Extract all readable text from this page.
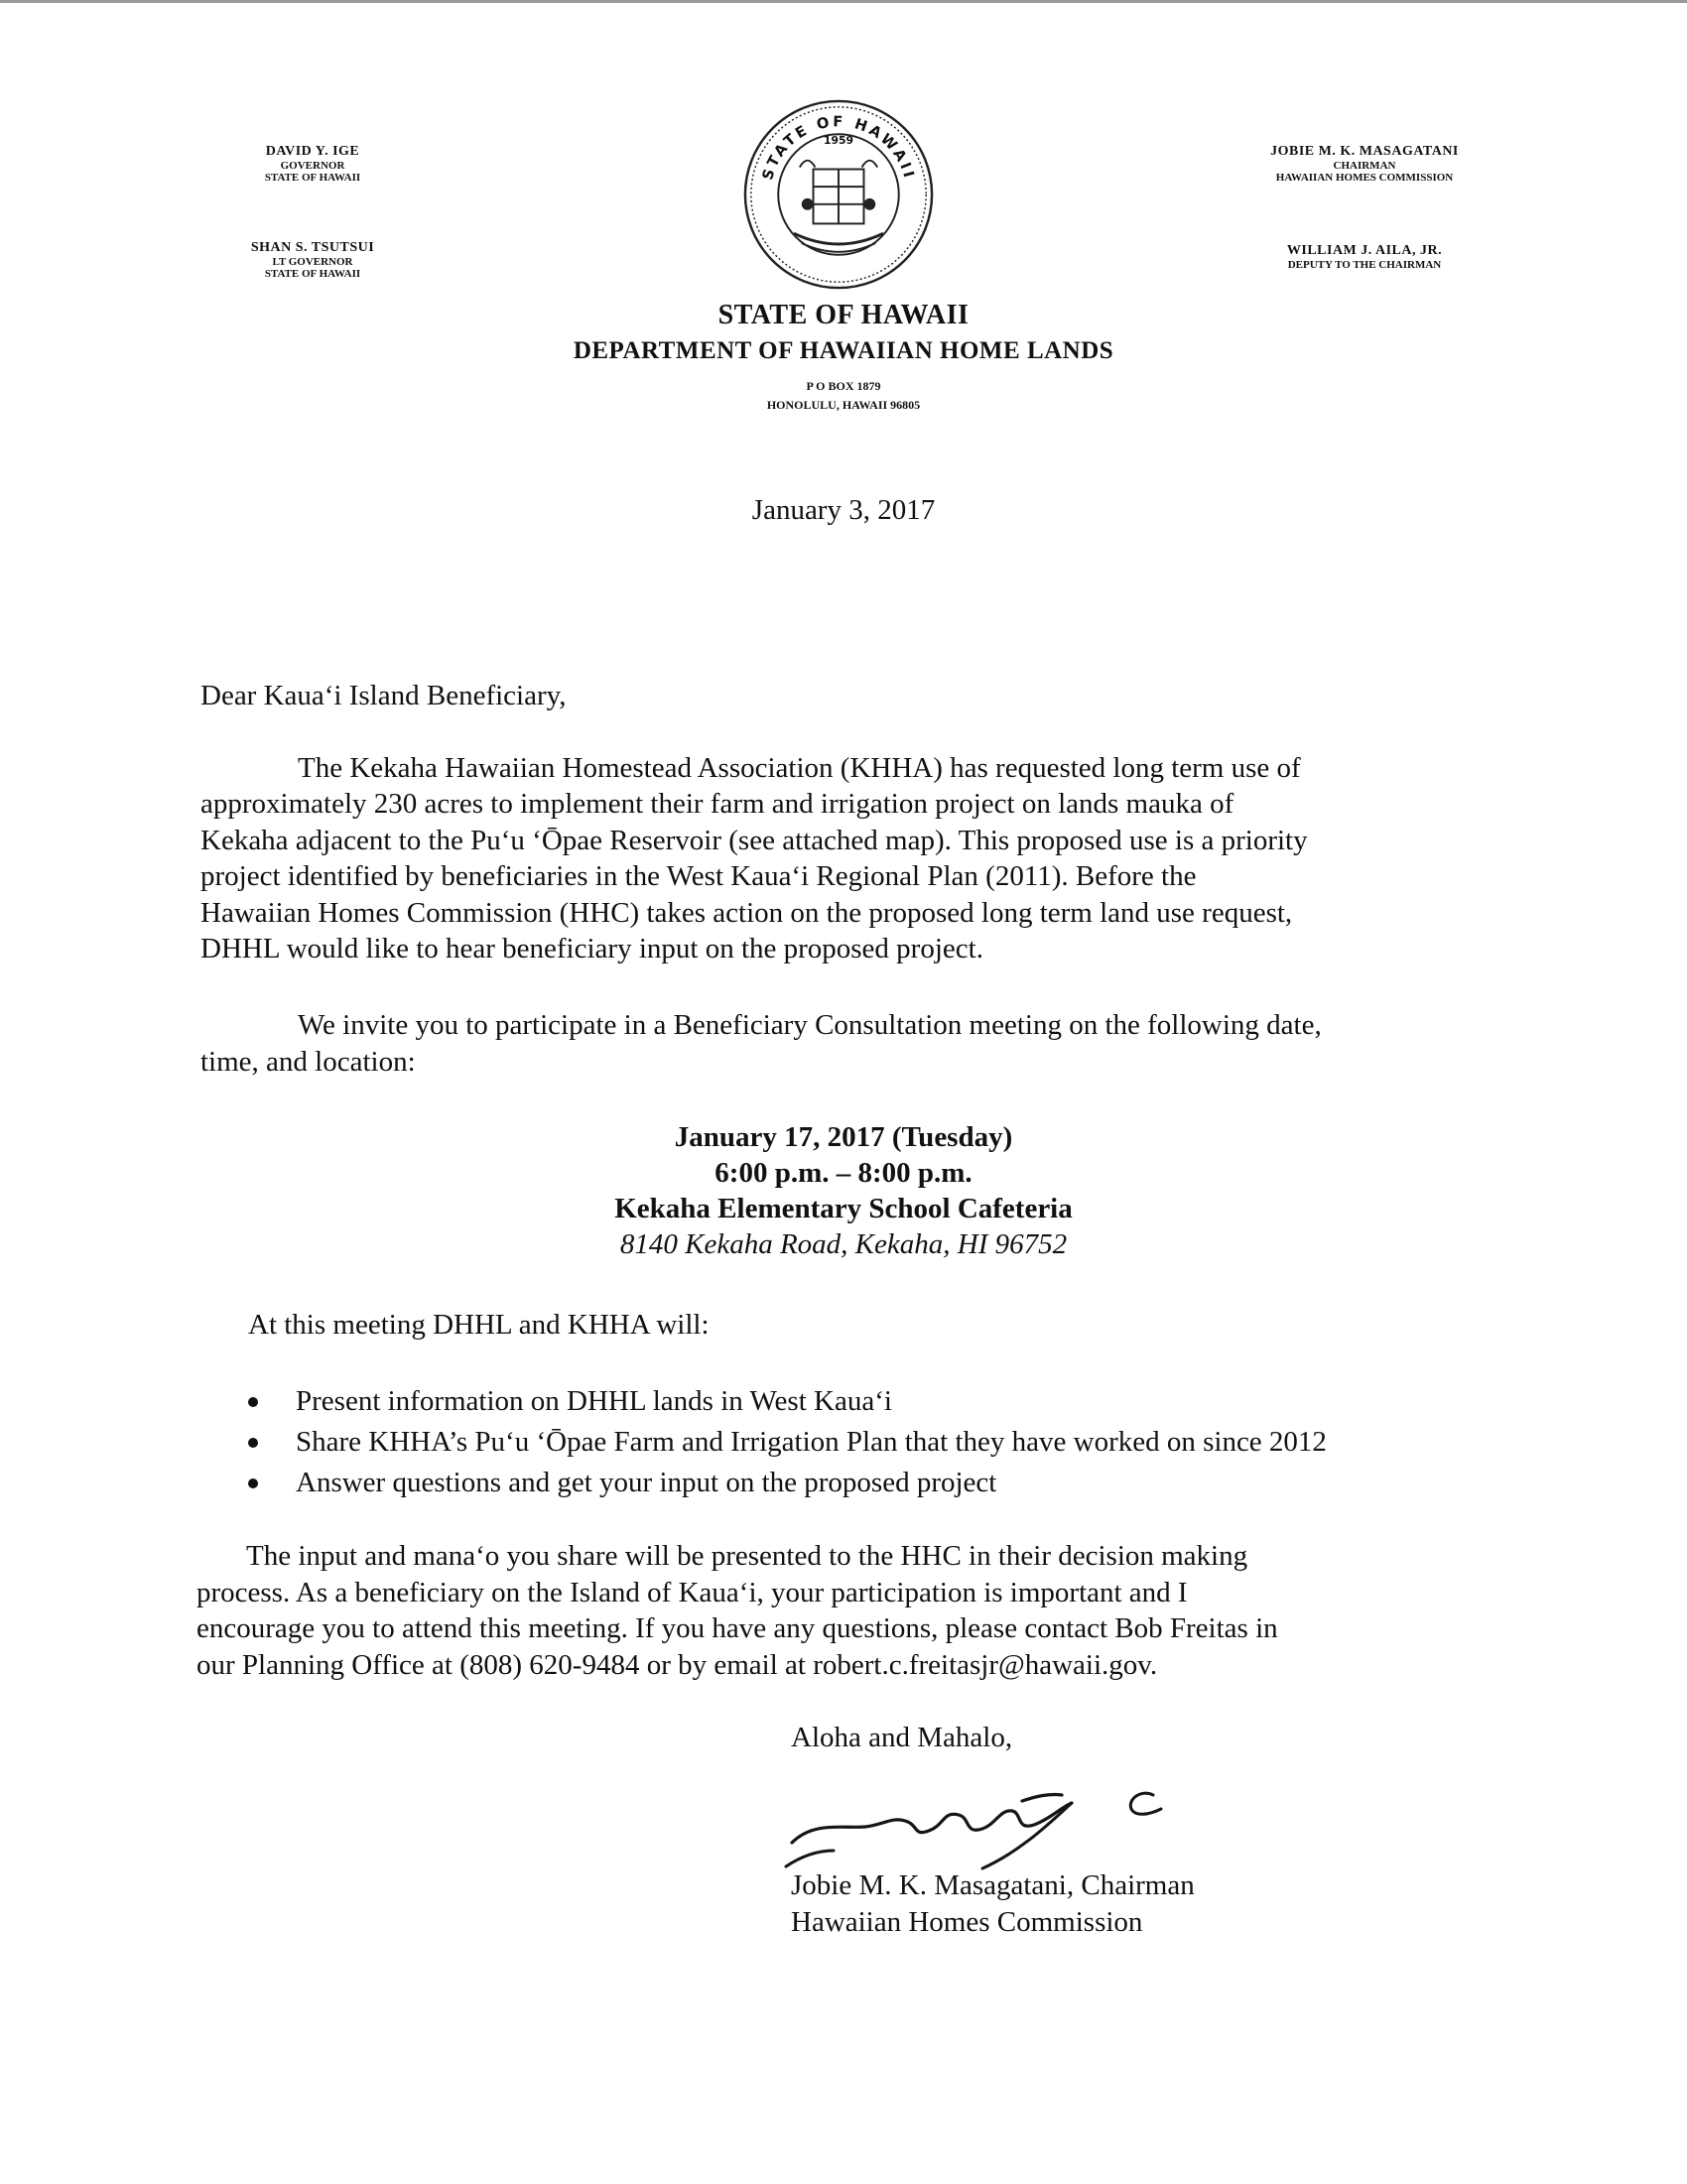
DAVID Y. IGE
GOVERNOR
STATE OF HAWAII
SHAN S. TSUTSUI
LT GOVERNOR
STATE OF HAWAII
JOBIE M. K. MASAGATANI
CHAIRMAN
HAWAIIAN HOMES COMMISSION
WILLIAM J. AILA, JR.
DEPUTY TO THE CHAIRMAN
STATE OF HAWAII
1959
STATE OF HAWAII
DEPARTMENT OF HAWAIIAN HOME LANDS
P O BOX 1879
HONOLULU, HAWAII 96805
January 3, 2017
Dear Kaua‘i Island Beneficiary,
The Kekaha Hawaiian Homestead Association (KHHA) has requested long term use of
approximately 230 acres to implement their farm and irrigation project on lands mauka of
Kekaha adjacent to the Pu‘u ‘Ōpae Reservoir (see attached map). This proposed use is a priority
project identified by beneficiaries in the West Kaua‘i Regional Plan (2011). Before the
Hawaiian Homes Commission (HHC) takes action on the proposed long term land use request,
DHHL would like to hear beneficiary input on the proposed project.
We invite you to participate in a Beneficiary Consultation meeting on the following date,
time, and location:
January 17, 2017 (Tuesday)
6:00 p.m. – 8:00 p.m.
Kekaha Elementary School Cafeteria
8140 Kekaha Road, Kekaha, HI 96752
At this meeting DHHL and KHHA will:
Present information on DHHL lands in West Kaua‘i
Share KHHA’s Pu‘u ‘Ōpae Farm and Irrigation Plan that they have worked on since 2012
Answer questions and get your input on the proposed project
The input and mana‘o you share will be presented to the HHC in their decision making
process. As a beneficiary on the Island of Kaua‘i, your participation is important and I
encourage you to attend this meeting. If you have any questions, please contact Bob Freitas in
our Planning Office at (808) 620-9484 or by email at robert.c.freitasjr@hawaii.gov.
Aloha and Mahalo,
Jobie M. K. Masagatani, Chairman
Hawaiian Homes Commission
